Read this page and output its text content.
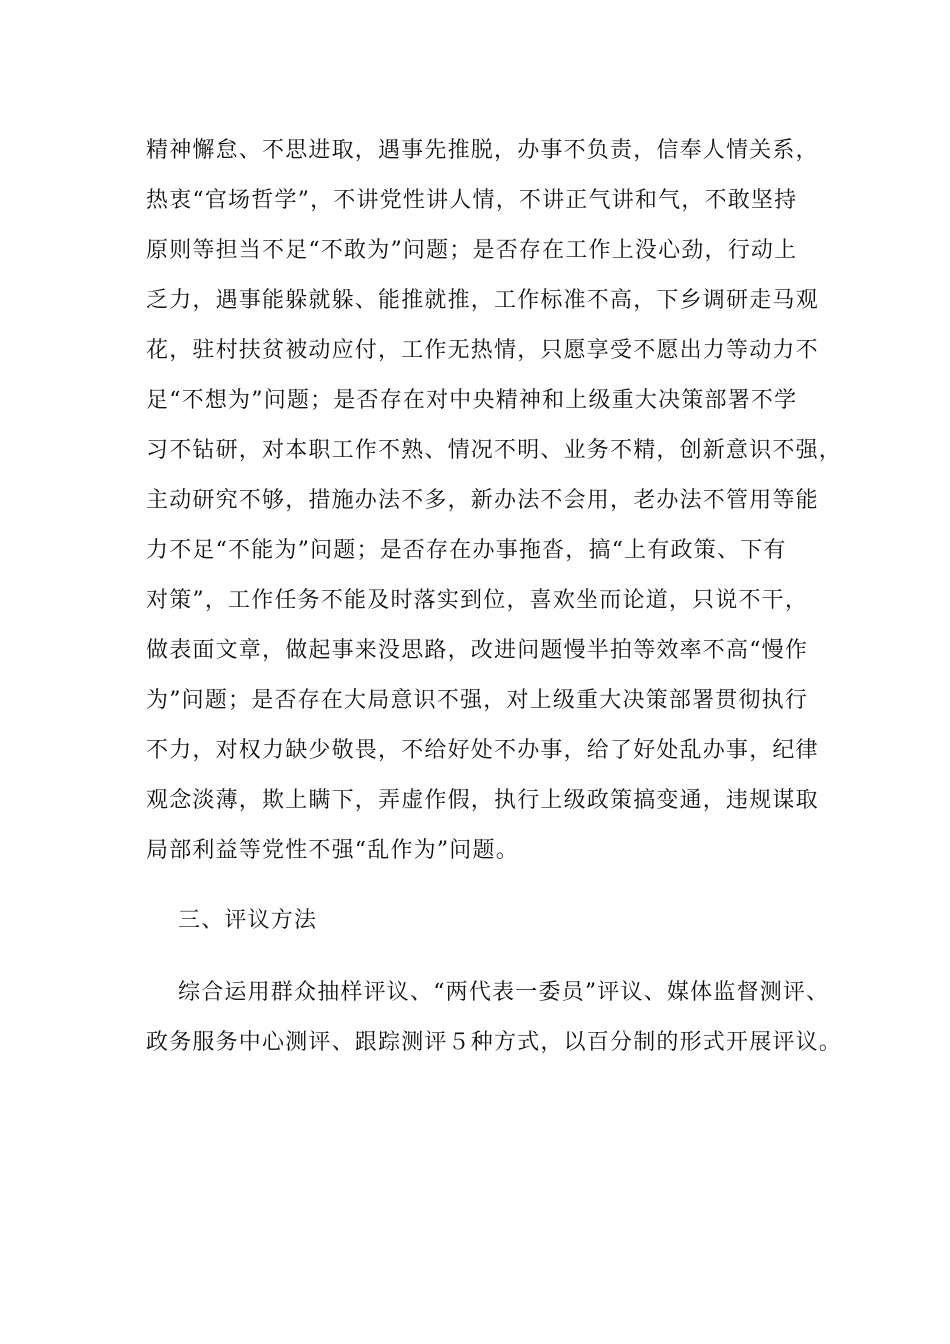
精神懈怠、不思进取，遇事先推脱，办事不负责，信奉人情关系，
热衷“官场哲学”，不讲党性讲人情，不讲正气讲和气，不敢坚持
原则等担当不足“不敢为”问题；是否存在工作上没心劲，行动上
乏力，遇事能躲就躲、能推就推，工作标准不高，下乡调研走马观
花，驻村扶贫被动应付，工作无热情，只愿享受不愿出力等动力不
足“不想为”问题；是否存在对中央精神和上级重大决策部署不学
习不钻研，对本职工作不熟、情况不明、业务不精，创新意识不强，
主动研究不够，措施办法不多，新办法不会用，老办法不管用等能
力不足“不能为”问题；是否存在办事拖沓，搞“上有政策、下有
对策”，工作任务不能及时落实到位，喜欢坐而论道，只说不干，
做表面文章，做起事来没思路，改进问题慢半拍等效率不高“慢作
为”问题；是否存在大局意识不强，对上级重大决策部署贯彻执行
不力，对权力缺少敬畏，不给好处不办事，给了好处乱办事，纪律
观念淡薄，欺上瞒下，弄虚作假，执行上级政策搞变通，违规谋取
局部利益等党性不强“乱作为”问题。
三、评议方法
综合运用群众抽样评议、“两代表一委员”评议、媒体监督测评、
政务服务中心测评、跟踪测评５种方式，以百分制的形式开展评议。
